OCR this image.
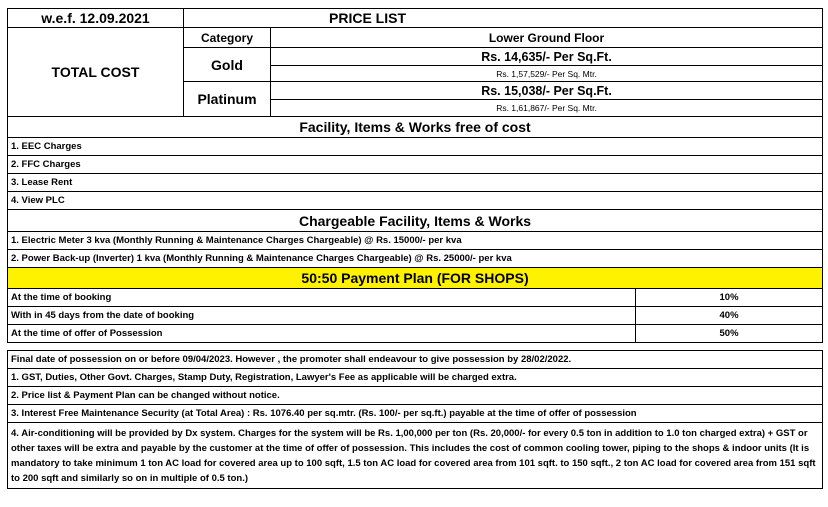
w.e.f. 12.09.2021	PRICE LIST		
TOTAL COST	Category	Lower Ground Floor	
	Gold	Rs. 14,635/- Per Sq.Ft.	
		Rs. 1,57,529/- Per Sq. Mtr.	
	Platinum	Rs. 15,038/- Per Sq.Ft.	
		Rs. 1,61,867/- Per Sq. Mtr.	
Facility, Items & Works free of cost			
1. EEC Charges			
2. FFC Charges			
3. Lease Rent			
4. View PLC			
Chargeable Facility, Items & Works			
1. Electric Meter 3 kva (Monthly Running & Maintenance Charges Chargeable) @ Rs. 15000/- per kva			
2. Power Back-up (Inverter) 1 kva (Monthly Running & Maintenance Charges Chargeable) @ Rs. 25000/- per kva			
50:50 Payment Plan (FOR SHOPS)			
At the time of booking			10%
With in 45 days from the date of booking			40%
At the time of offer of Possession			50%

Final date of possession on or before 09/04/2023. However , the promoter shall endeavour to give possession by 28/02/2022.			
1. GST, Duties, Other Govt. Charges, Stamp Duty, Registration, Lawyer's Fee as applicable will be charged extra.			
2. Price list & Payment Plan can be changed without notice.			
3. Interest Free Maintenance Security (at Total Area) : Rs. 1076.40 per sq.mtr. (Rs. 100/- per sq.ft.) payable at the time of offer of possession			
4. Air-conditioning will be provided by Dx system. Charges for the system will be Rs. 1,00,000 per ton (Rs. 20,000/- for every 0.5 ton in addition to 1.0 ton charged extra) + GST or other taxes will be extra and payable by the customer at the time of offer of possession. This includes the cost of common cooling tower, piping to the shops & indoor units (It is mandatory to take minimum 1 ton AC load for covered area up to 100 sqft, 1.5 ton AC load for covered area from 101 sqft. to 150 sqft., 2 ton AC load for covered area from 151 sqft to 200 sqft and similarly so on in multiple of 0.5 ton.)			
